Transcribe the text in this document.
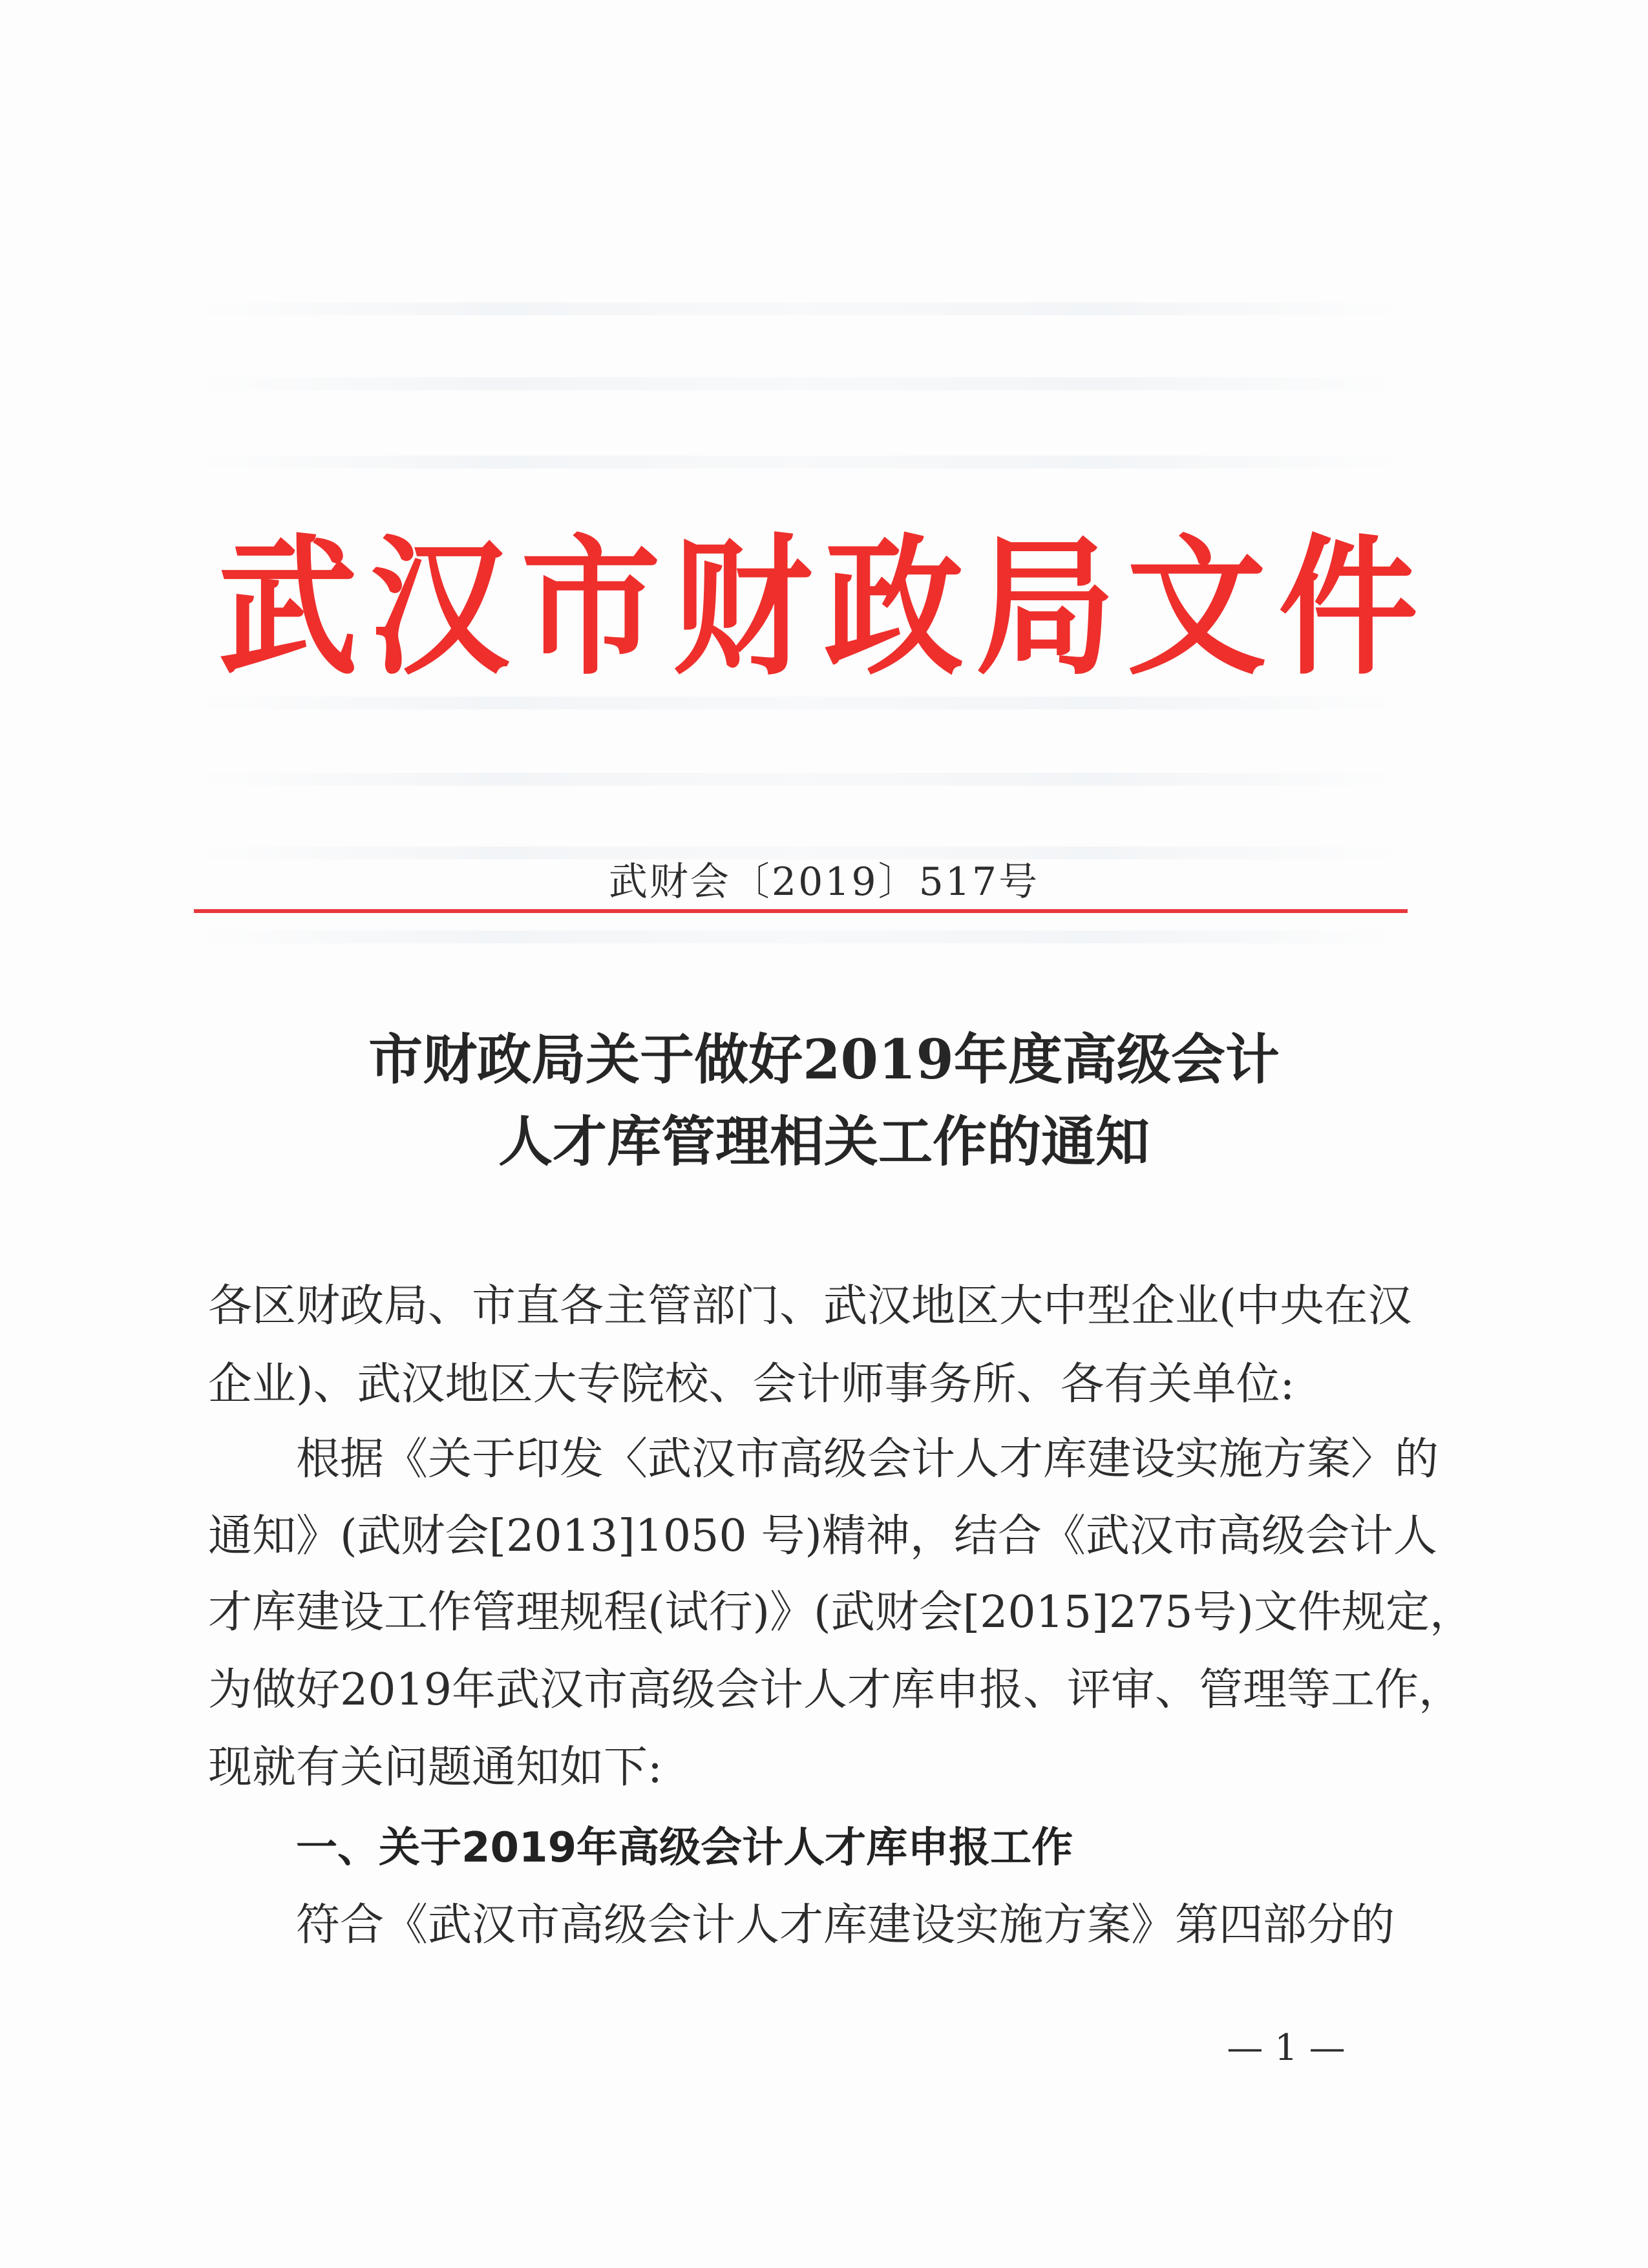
武汉市财政局文件
武财会〔2019〕517号
市财政局关于做好2019年度高级会计
人才库管理相关工作的通知
各区财政局、市直各主管部门、武汉地区大中型企业(中央在汉
企业)、武汉地区大专院校、会计师事务所、各有关单位:
根据《关于印发〈武汉市高级会计人才库建设实施方案〉的
通知》(武财会[2013]1050 号)精神，结合《武汉市高级会计人
才库建设工作管理规程(试行)》(武财会[2015]275号)文件规定，
为做好2019年武汉市高级会计人才库申报、评审、管理等工作，
现就有关问题通知如下:
一、关于2019年高级会计人才库申报工作
符合《武汉市高级会计人才库建设实施方案》第四部分的
— 1 —
